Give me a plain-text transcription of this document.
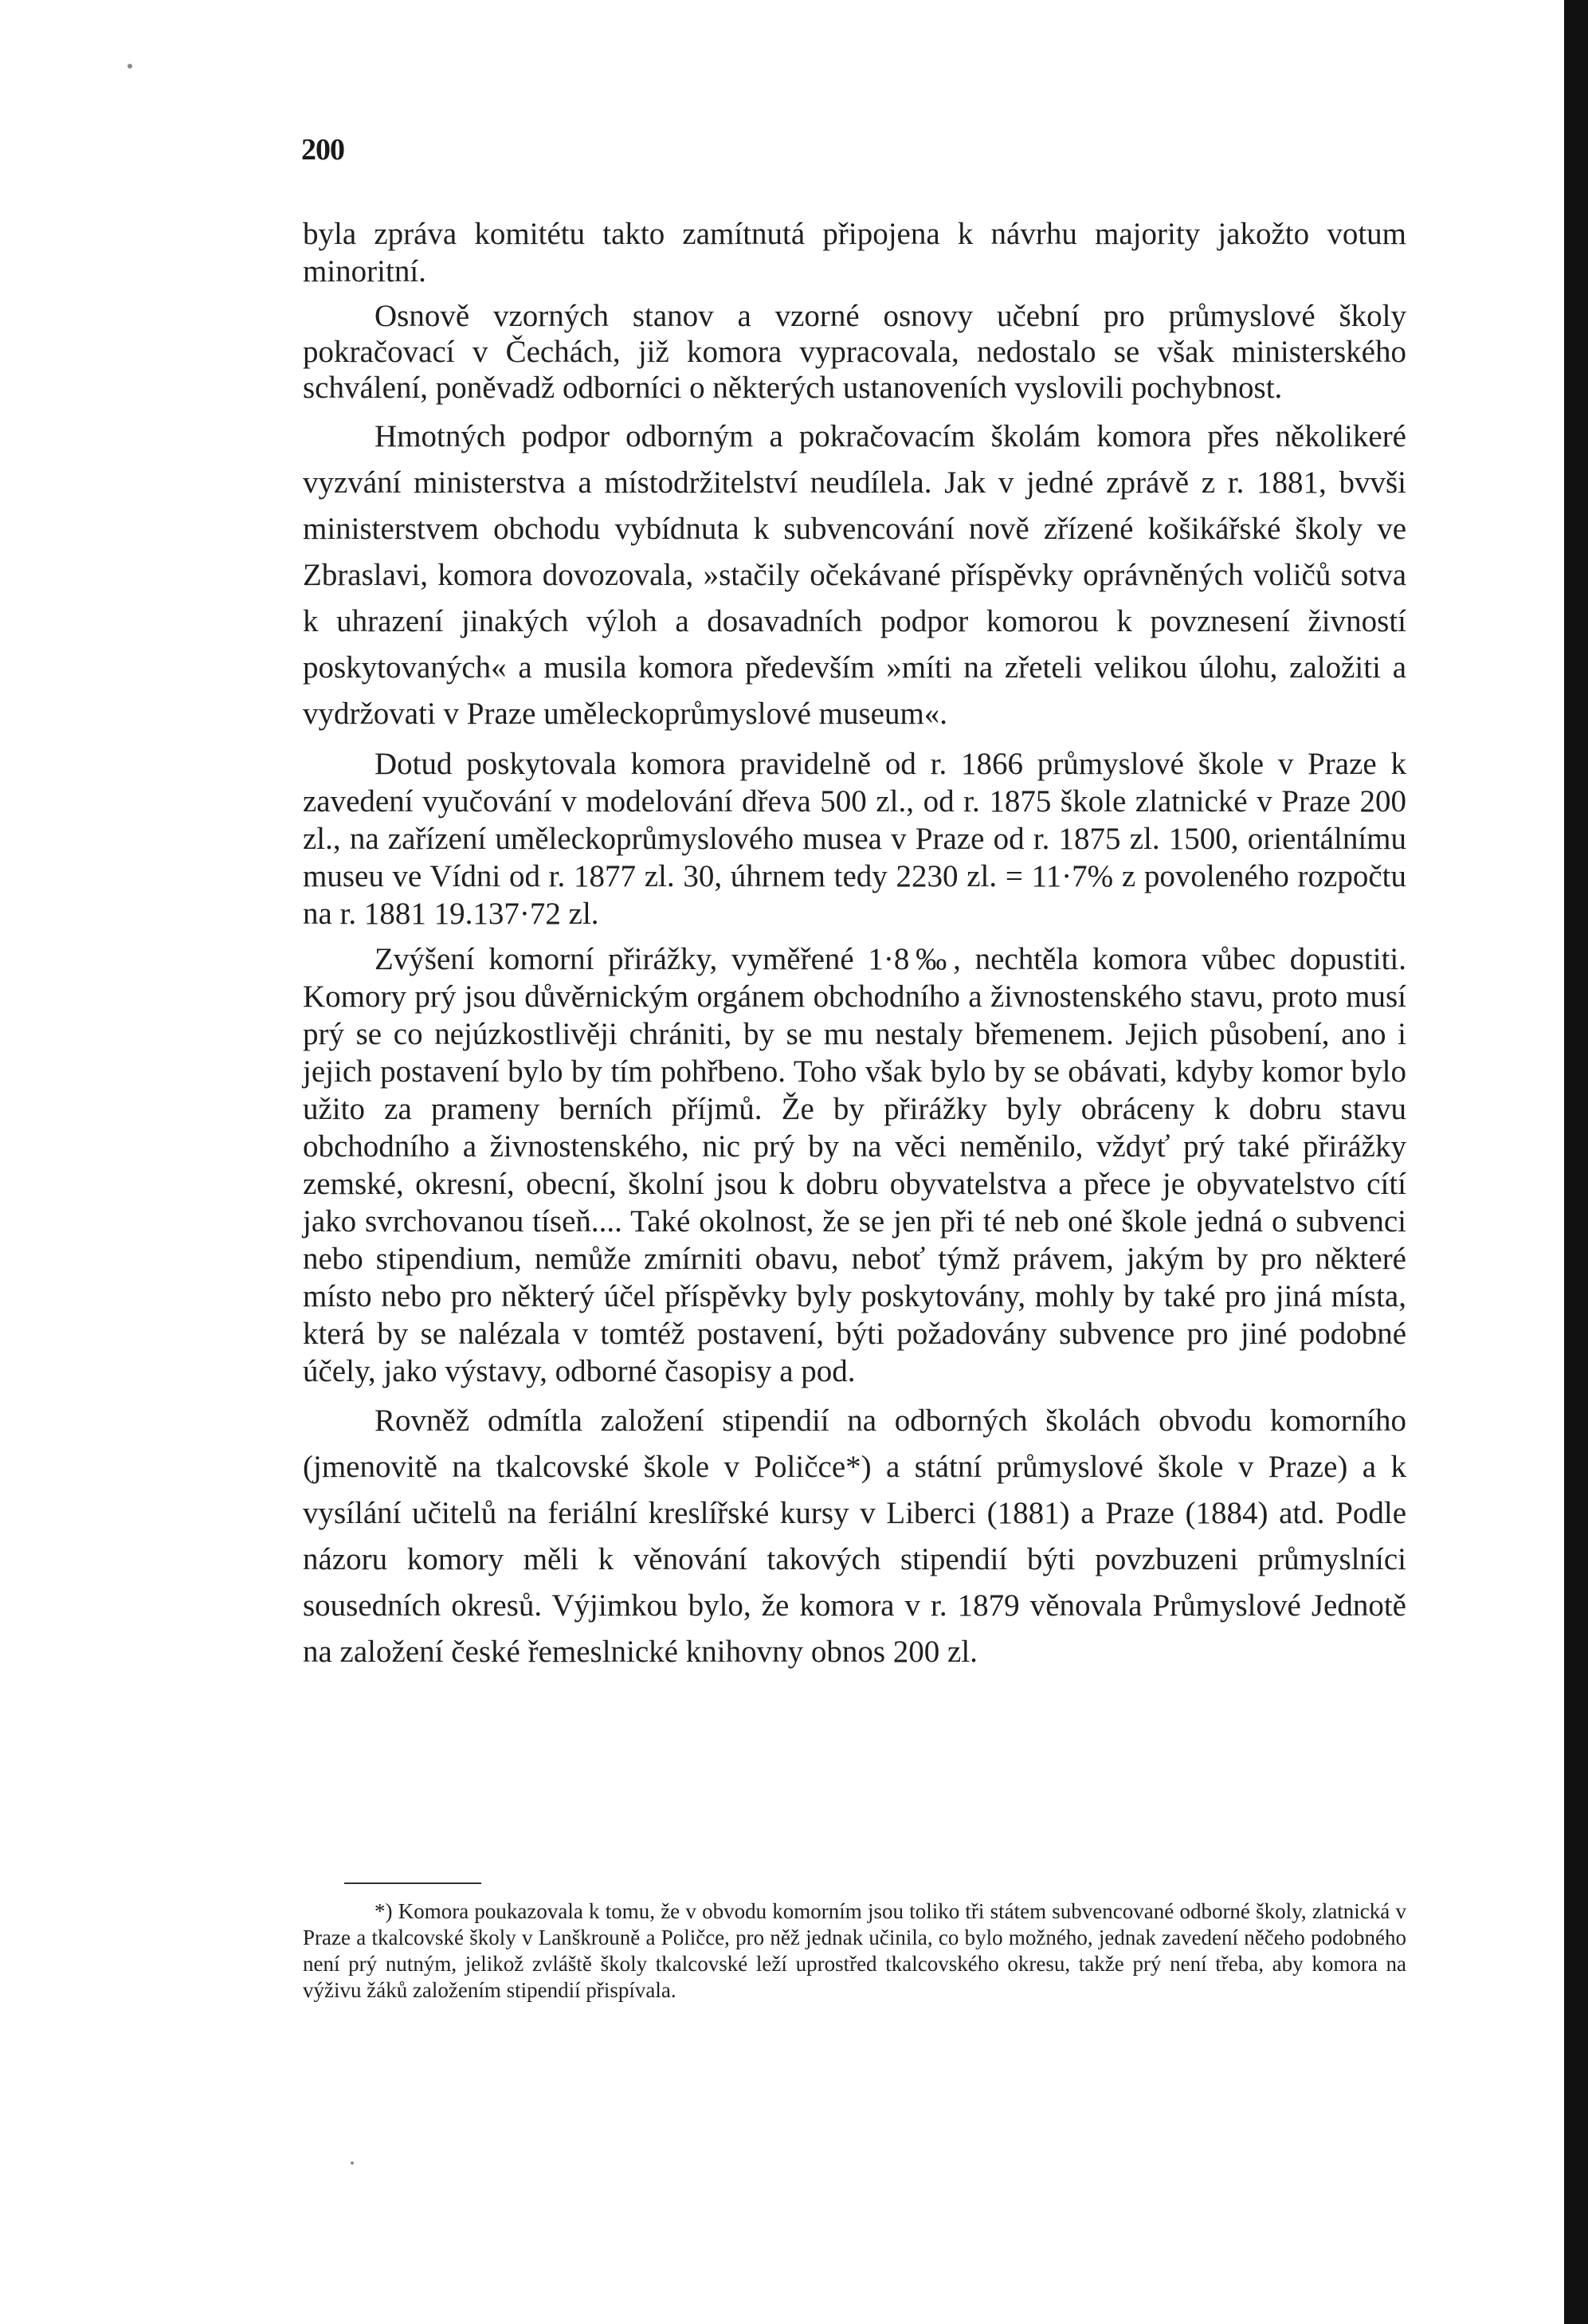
200

byla zpráva komitétu takto zamítnutá připojena k návrhu majority jakožto votum minoritní.

Osnově vzorných stanov a vzorné osnovy učební pro průmyslové školy pokračovací v Čechách, již komora vypracovala, nedostalo se však ministerského schválení, poněvadž odborníci o některých ustanoveních vyslovili pochybnost.

Hmotných podpor odborným a pokračovacím školám komora přes několikeré vyzvání ministerstva a místodržitelství neudílela. Jak v jedné zprávě z r. 1881, bvvši ministerstvem obchodu vybídnuta k subvencování nově zřízené košikářské školy ve Zbraslavi, komora dovozovala, »stačily očekávané příspěvky oprávněných voličů sotva k uhrazení jinakých výloh a dosavadních podpor komorou k povznesení živností poskytovaných« a musila komora především »míti na zřeteli velikou úlohu, založiti a vydržovati v Praze uměleckoprůmyslové museum«.

Dotud poskytovala komora pravidelně od r. 1866 průmyslové škole v Praze k zavedení vyučování v modelování dřeva 500 zl., od r. 1875 škole zlatnické v Praze 200 zl., na zařízení uměleckoprůmyslového musea v Praze od r. 1875 zl. 1500, orientálnímu museu ve Vídni od r. 1877 zl. 30, úhrnem tedy 2230 zl. = 11·7% z povoleného rozpočtu na r. 1881 19.137·72 zl.

Zvýšení komorní přirážky, vyměřené 1·8‰, nechtěla komora vůbec dopustiti. Komory prý jsou důvěrnickým orgánem obchodního a živnostenského stavu, proto musí prý se co nejúzkostlivěji chrániti, by se mu nestaly břemenem. Jejich působení, ano i jejich postavení bylo by tím pohřbeno. Toho však bylo by se obávati, kdyby komor bylo užito za prameny berních příjmů. Že by přirážky byly obráceny k dobru stavu obchodního a živnostenského, nic prý by na věci neměnilo, vždyť prý také přirážky zemské, okresní, obecní, školní jsou k dobru obyvatelstva a přece je obyvatelstvo cítí jako svrchovanou tíseň.... Také okolnost, že se jen při té neb oné škole jedná o subvenci nebo stipendium, nemůže zmírniti obavu, neboť týmž právem, jakým by pro některé místo nebo pro některý účel příspěvky byly poskytovány, mohly by také pro jiná místa, která by se nalézala v tomtéž postavení, býti požadovány subvence pro jiné podobné účely, jako výstavy, odborné časopisy a pod.

Rovněž odmítla založení stipendií na odborných školách obvodu komorního (jmenovitě na tkalcovské škole v Poličce*) a státní průmyslové škole v Praze) a k vysílání učitelů na feriální kreslířské kursy v Liberci (1881) a Praze (1884) atd. Podle názoru komory měli k věnování takových stipendií býti povzbuzeni průmyslníci sousedních okresů. Výjimkou bylo, že komora v r. 1879 věnovala Průmyslové Jednotě na založení české řemeslnické knihovny obnos 200 zl.

*) Komora poukazovala k tomu, že v obvodu komorním jsou toliko tři státem subvencované odborné školy, zlatnická v Praze a tkalcovské školy v Lanškrouně a Poličce, pro něž jednak učinila, co bylo možného, jednak zavedení něčeho podobného není prý nutným, jelikož zvláště školy tkalcovské leží uprostřed tkalcovského okresu, takže prý není třeba, aby komora na výživu žáků založením stipendií přispívala.
